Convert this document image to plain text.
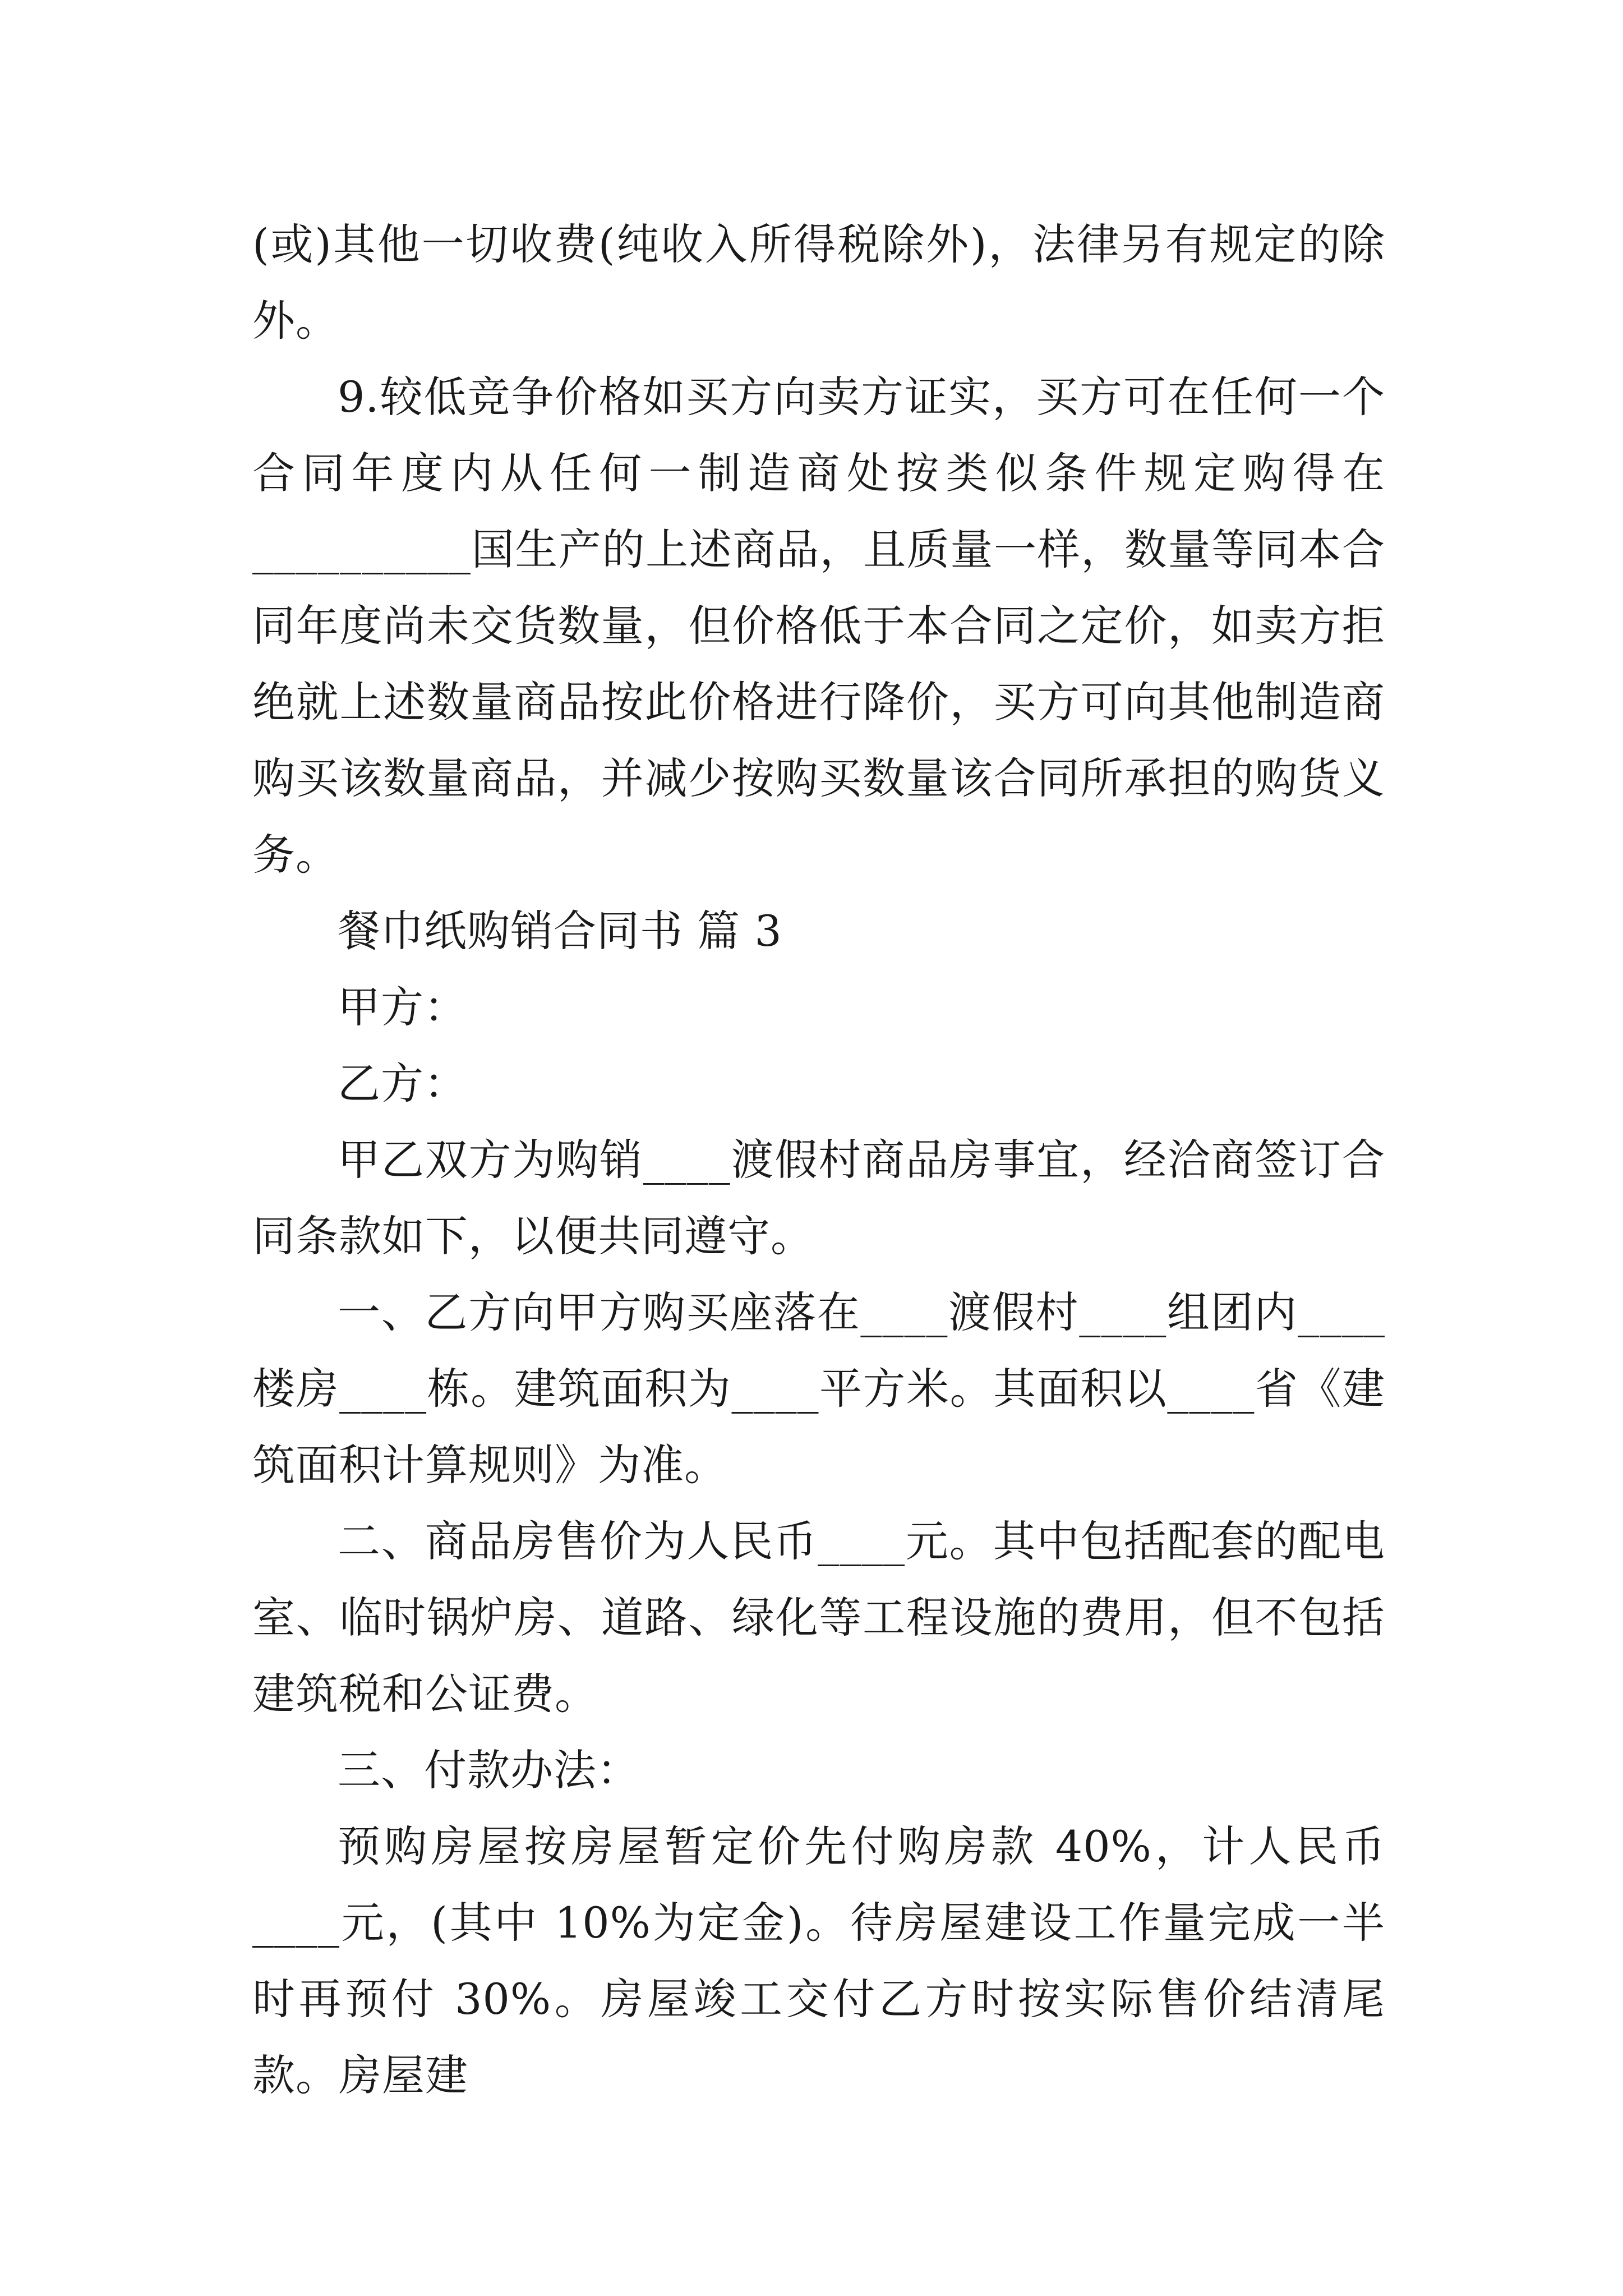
(或)其他一切收费(纯收入所得税除外)，法律另有规定的除外。

9.较低竞争价格如买方向卖方证实，买方可在任何一个合同年度内从任何一制造商处按类似条件规定购得在__________国生产的上述商品，且质量一样，数量等同本合同年度尚未交货数量，但价格低于本合同之定价，如卖方拒绝就上述数量商品按此价格进行降价，买方可向其他制造商购买该数量商品，并减少按购买数量该合同所承担的购货义务。

餐巾纸购销合同书 篇 3

甲方：

乙方：

甲乙双方为购销____渡假村商品房事宜，经洽商签订合同条款如下，以便共同遵守。

一、乙方向甲方购买座落在____渡假村____组团内____楼房____栋。建筑面积为____平方米。其面积以____省《建筑面积计算规则》为准。

二、商品房售价为人民币____元。其中包括配套的配电室、临时锅炉房、道路、绿化等工程设施的费用，但不包括建筑税和公证费。

三、付款办法：

预购房屋按房屋暂定价先付购房款 40%，计人民币____元，(其中 10%为定金)。待房屋建设工作量完成一半时再预付 30%。房屋竣工交付乙方时按实际售价结清尾款。房屋建
